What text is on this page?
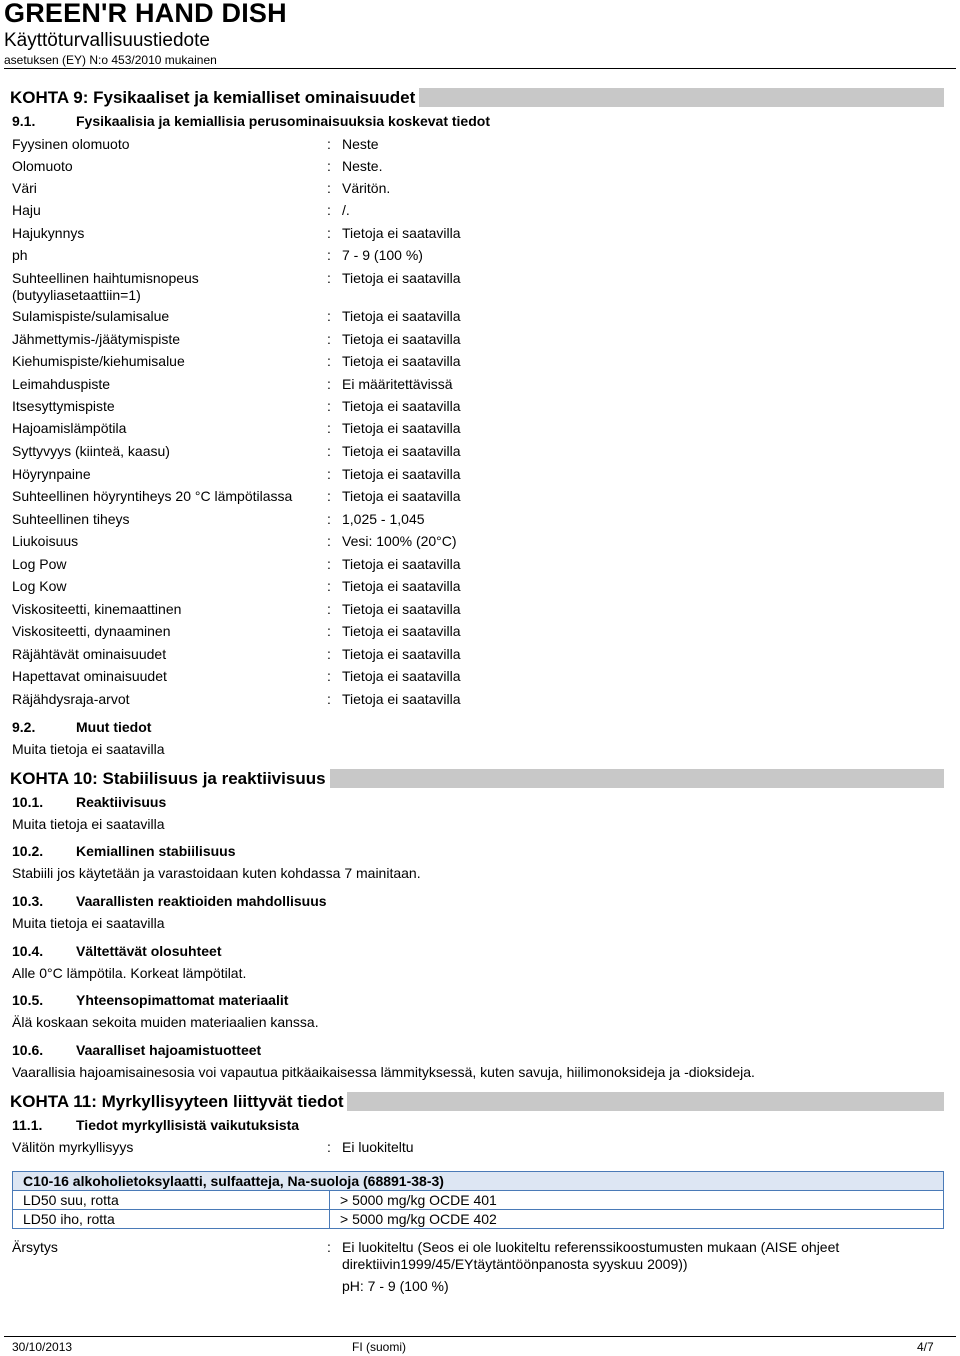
GREEN'R HAND DISH
Käyttöturvallisuustiedote
asetuksen (EY) N:o 453/2010 mukainen
KOHTA 9: Fysikaaliset ja kemialliset ominaisuudet
9.1.	Fysikaalisia ja kemiallisia perusominaisuuksia koskevat tiedot
Fyysinen olomuoto	: Neste
Olomuoto	: Neste.
Väri	: Väritön.
Haju	: /.
Hajukynnys	: Tietoja ei saatavilla
ph	: 7 - 9 (100 %)
Suhteellinen haihtumisnopeus
(butyyliasetaattiin=1)
: Tietoja ei saatavilla
Sulamispiste/sulamisalue	: Tietoja ei saatavilla
Jähmettymis-/jäätymispiste	: Tietoja ei saatavilla
Kiehumispiste/kiehumisalue	: Tietoja ei saatavilla
Leimahduspiste	: Ei määritettävissä
Itsesyttymispiste	: Tietoja ei saatavilla
Hajoamislämpötila	: Tietoja ei saatavilla
Syttyvyys (kiinteä, kaasu)	: Tietoja ei saatavilla
Höyrynpaine	: Tietoja ei saatavilla
Suhteellinen höyryntiheys 20 °C lämpötilassa	: Tietoja ei saatavilla
Suhteellinen tiheys	: 1,025 - 1,045
Liukoisuus	: Vesi: 100% (20°C)
Log Pow	: Tietoja ei saatavilla
Log Kow	: Tietoja ei saatavilla
Viskositeetti, kinemaattinen	: Tietoja ei saatavilla
Viskositeetti, dynaaminen	: Tietoja ei saatavilla
Räjähtävät ominaisuudet	: Tietoja ei saatavilla
Hapettavat ominaisuudet	: Tietoja ei saatavilla
Räjähdysraja-arvot	: Tietoja ei saatavilla
9.2.	Muut tiedot
Muita tietoja ei saatavilla
KOHTA 10: Stabiilisuus ja reaktiivisuus
10.1. Reaktiivisuus
Muita tietoja ei saatavilla
10.2. Kemiallinen stabiilisuus
Stabiili jos käytetään ja varastoidaan kuten kohdassa 7 mainitaan.
10.3. Vaarallisten reaktioiden mahdollisuus
Muita tietoja ei saatavilla
10.4. Vältettävät olosuhteet
Alle 0°C lämpötila. Korkeat lämpötilat.
10.5. Yhteensopimattomat materiaalit
Älä koskaan sekoita muiden materiaalien kanssa.
10.6. Vaaralliset hajoamistuotteet
Vaarallisia hajoamisainesosia voi vapautua pitkäaikaisessa lämmityksessä, kuten savuja, hiilimonoksideja ja -dioksideja.
KOHTA 11: Myrkyllisyyteen liittyvät tiedot
11.1. Tiedot myrkyllisistä vaikutuksista
Välitön myrkyllisyys	: Ei luokiteltu
C10-16 alkoholietoksylaatti, sulfaatteja, Na-suoloja (68891-38-3)	
LD50 suu, rotta	> 5000 mg/kg OCDE 401
LD50 iho, rotta	> 5000 mg/kg OCDE 402
Ärsytys	: Ei luokiteltu (Seos ei ole luokiteltu referenssikoostumusten mukaan (AISE ohjeet
direktiivin1999/45/EYtäytäntöönpanosta syyskuu 2009))
pH: 7 - 9 (100 %)
30/10/2013	FI (suomi)	4/7
